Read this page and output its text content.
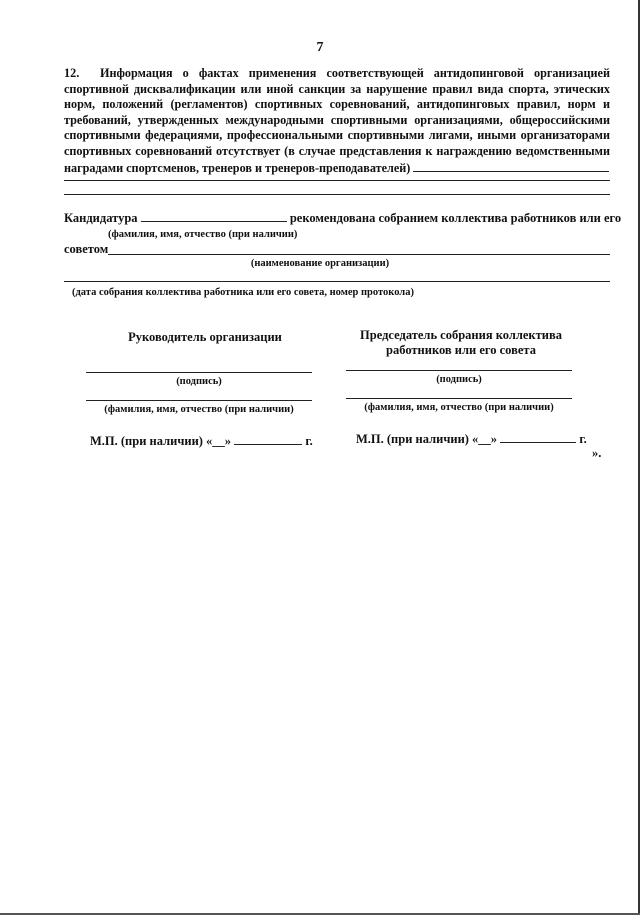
7
12. Информация о фактах применения соответствующей антидопинговой организацией спортивной дисквалификации или иной санкции за нарушение правил вида спорта, этических норм, положений (регламентов) спортивных соревнований, антидопинговых правил, норм и требований, утвержденных международными спортивными организациями, общероссийскими спортивными федерациями, профессиональными спортивными лигами, иными организаторами спортивных соревнований отсутствует (в случае представления к награждению ведомственными наградами спортсменов, тренеров и тренеров-преподавателей)
Кандидатура	рекомендована собранием коллектива работников или его
(фамилия, имя, отчество (при наличии)
советом
(наименование организации)
(дата собрания коллектива работника или его совета, номер протокола)
Руководитель организации
(подпись)
(фамилия, имя, отчество (при наличии)
М.П. (при наличии) «__»	г.
Председатель собрания коллектива
работников или его совета
(подпись)
(фамилия, имя, отчество (при наличии)
М.П. (при наличии) «__»	г.
».
